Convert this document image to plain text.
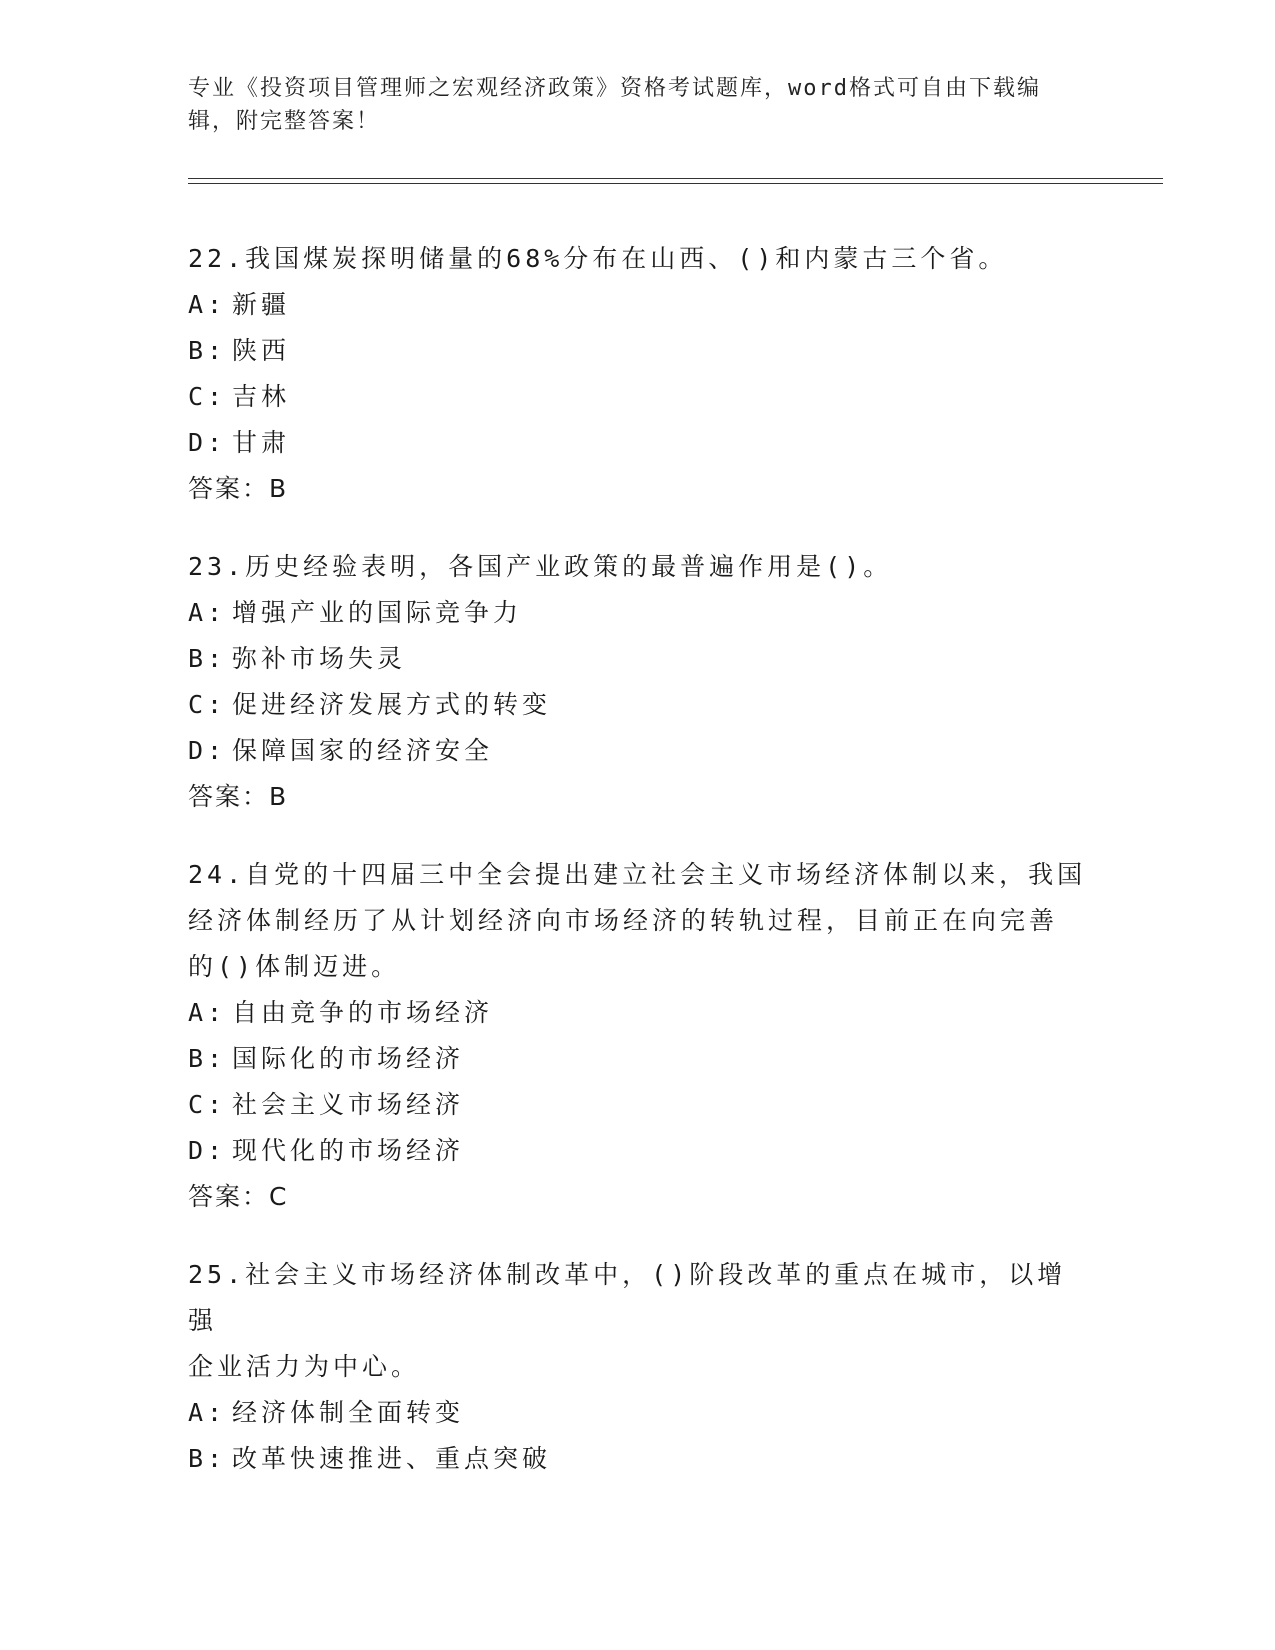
专业《投资项目管理师之宏观经济政策》资格考试题库，word格式可自由下载编
辑，附完整答案！

22.我国煤炭探明储量的68%分布在山西、()和内蒙古三个省。

A: 新疆
B: 陕西
C: 吉林
D: 甘肃
答案：B

23.历史经验表明，各国产业政策的最普遍作用是()。

A: 增强产业的国际竞争力
B: 弥补市场失灵
C: 促进经济发展方式的转变
D: 保障国家的经济安全
答案：B

24.自党的十四届三中全会提出建立社会主义市场经济体制以来，我国

经济体制经历了从计划经济向市场经济的转轨过程，目前正在向完善

的()体制迈进。

A: 自由竞争的市场经济
B: 国际化的市场经济
C: 社会主义市场经济
D: 现代化的市场经济
答案：C

25.社会主义市场经济体制改革中，()阶段改革的重点在城市，以增强

企业活力为中心。

A: 经济体制全面转变
B: 改革快速推进、重点突破
